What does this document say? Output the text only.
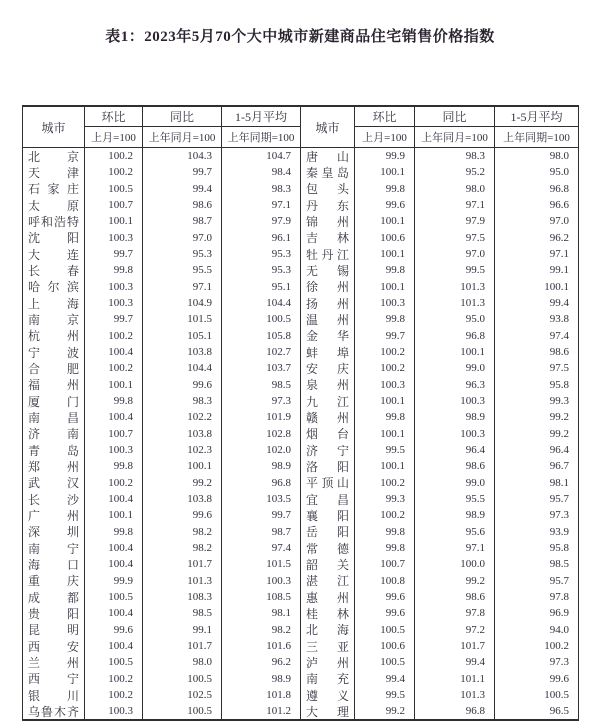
表1：2023年5月70个大中城市新建商品住宅销售价格指数
城市
环比	同比	1-5月平均
城市
环比	同比	1-5月平均
上月=100	上年同月=100	上年同期=100	上月=100	上年同月=100	上年同期=100
北 京	100.2	104.3	104.7	唐 山	99.9	98.3	98.0
天 津	100.2	99.7	98.4	秦 皇 岛	100.1	95.2	95.0
石 家 庄	100.5	99.4	98.3	包 头	99.8	98.0	96.8
太 原	100.7	98.6	97.1	丹 东	99.6	97.1	96.6
呼 和 浩 特	100.1	98.7	97.9	锦 州	100.1	97.9	97.0
沈 阳	100.3	97.0	96.1	吉 林	100.6	97.5	96.2
大 连	99.7	95.3	95.3	牡 丹 江	100.1	97.0	97.1
长 春	99.8	95.5	95.3	无 锡	99.8	99.5	99.1
哈 尔 滨	100.3	97.1	95.1	徐 州	100.1	101.3	100.1
上 海	100.3	104.9	104.4	扬 州	100.3	101.3	99.4
南 京	99.7	101.5	100.5	温 州	99.8	95.0	93.8
杭 州	100.2	105.1	105.8	金 华	99.7	96.8	97.4
宁 波	100.4	103.8	102.7	蚌 埠	100.2	100.1	98.6
合 肥	100.2	104.4	103.7	安 庆	100.2	99.0	97.5
福 州	100.1	99.6	98.5	泉 州	100.3	96.3	95.8
厦 门	99.8	98.3	97.3	九 江	100.1	100.3	99.3
南 昌	100.4	102.2	101.9	赣 州	99.8	98.9	99.2
济 南	100.7	103.8	102.8	烟 台	100.1	100.3	99.2
青 岛	100.3	102.3	102.0	济 宁	99.5	96.4	96.4
郑 州	99.8	100.1	98.9	洛 阳	100.1	98.6	96.7
武 汉	100.2	99.2	96.8	平 顶 山	100.2	99.0	98.1
长 沙	100.4	103.8	103.5	宜 昌	99.3	95.5	95.7
广 州	100.1	99.6	99.7	襄 阳	100.2	98.9	97.3
深 圳	99.8	98.2	98.7	岳 阳	99.8	95.6	93.9
南 宁	100.4	98.2	97.4	常 德	99.8	97.1	95.8
海 口	100.4	101.7	101.5	韶 关	100.7	100.0	98.5
重 庆	99.9	101.3	100.3	湛 江	100.8	99.2	95.7
成 都	100.5	108.3	108.5	惠 州	99.6	98.6	97.8
贵 阳	100.4	98.5	98.1	桂 林	99.6	97.8	96.9
昆 明	99.6	99.1	98.2	北 海	100.5	97.2	94.0
西 安	100.4	101.7	101.6	三 亚	100.6	101.7	100.2
兰 州	100.5	98.0	96.2	泸 州	100.5	99.4	97.3
西 宁	100.2	100.5	98.9	南 充	99.4	101.1	99.6
银 川	100.2	102.5	101.8	遵 义	99.5	101.3	100.5
乌 鲁 木 齐	100.3	100.5	101.2	大 理	99.2	96.8	96.5
